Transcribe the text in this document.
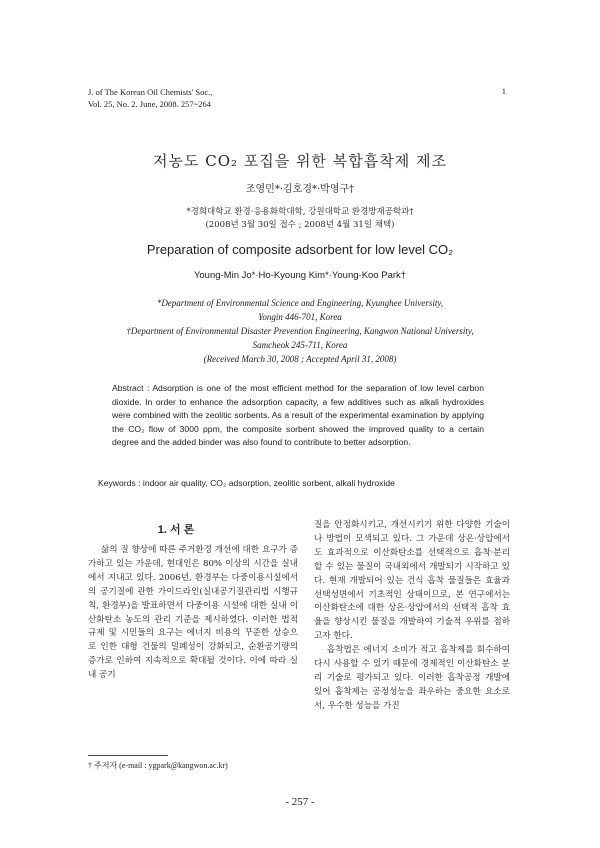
J. of The Korean Oil Chemists' Soc.,
Vol. 25, No. 2. June, 2008. 257~264
1
저농도 CO₂ 포집을 위한 복합흡착제 제조
조영민*·김호경*·박영구†
*경희대학교 환경·응용화학대학, 강원대학교 환경방재공학과†
(2008년 3월 30일 접수 ; 2008년 4월 31일 채택)
Preparation of composite adsorbent for low level CO₂
Young-Min Jo*·Ho-Kyoung Kim*·Young-Koo Park†
*Department of Environmental Science and Engineering, Kyunghee University,
Yongin 446-701, Korea
†Department of Environmental Disaster Prevention Engineering, Kangwon National University,
Samcheok 245-711, Korea
(Received March 30, 2008 ; Accepted April 31, 2008)
Abstract : Adsorption is one of the most efficient method for the separation of low level carbon dioxide. In order to enhance the adsorption capacity, a few additives such as alkali hydroxides were combined with the zeolitic sorbents. As a result of the experimental examination by applying the CO₂ flow of 3000 ppm, the composite sorbent showed the improved quality to a certain degree and the added binder was also found to contribute to better adsorption.
Keywords : indoor air quality, CO₂ adsorption, zeolitic sorbent, alkali hydroxide
1. 서 론

삶의 질 향상에 따른 주거환경 개선에 대한 요구가 증가하고 있는 가운데, 현대인은 80% 이상의 시간을 실내에서 지내고 있다. 2006년, 환경부는 다중이용시설에서의 공기질에 관한 가이드라인(실내공기질관리법 시행규칙, 환경부)을 발표하면서 다중이용 시설에 대한 실내 이산화탄소 농도의 관리 기준을 제시하였다. 이러한 법적 규제 및 시민들의 요구는 에너지 비용의 꾸준한 상승으로 인한 대형 건물의 밀폐성이 강화되고, 순환공기량의 증가로 인하여 지속적으로 확대될 것이다. 이에 따라 실내 공기

질을 안정화시키고, 개선시키기 위한 다양한 기술이나 방법이 모색되고 있다. 그 가운데 상온·상압에서도 효과적으로 이산화탄소를 선택적으로 흡착·분리할 수 있는 물질이 국내외에서 개발되기 시작하고 있다. 현재 개발되어 있는 건식 흡착 물질들은 효율과 선택성면에서 기초적인 상태이므로, 본 연구에서는 이산화탄소에 대한 상온·상압에서의 선택적 흡착 효율을 향상시킨 물질을 개발하여 기술적 우위를 점하고자 한다.

흡착법은 에너지 소비가 적고 흡착제를 회수하여 다시 사용할 수 있기 때문에 경제적인 이산화탄소 분리 기술로 평가되고 있다. 이러한 흡착공정 개발에 있어 흡착제는 공정성능을 좌우하는 중요한 요소로서, 우수한 성능을 가진

† 주저자 (e-mail : ygpark@kangwon.ac.kr)
- 257 -
